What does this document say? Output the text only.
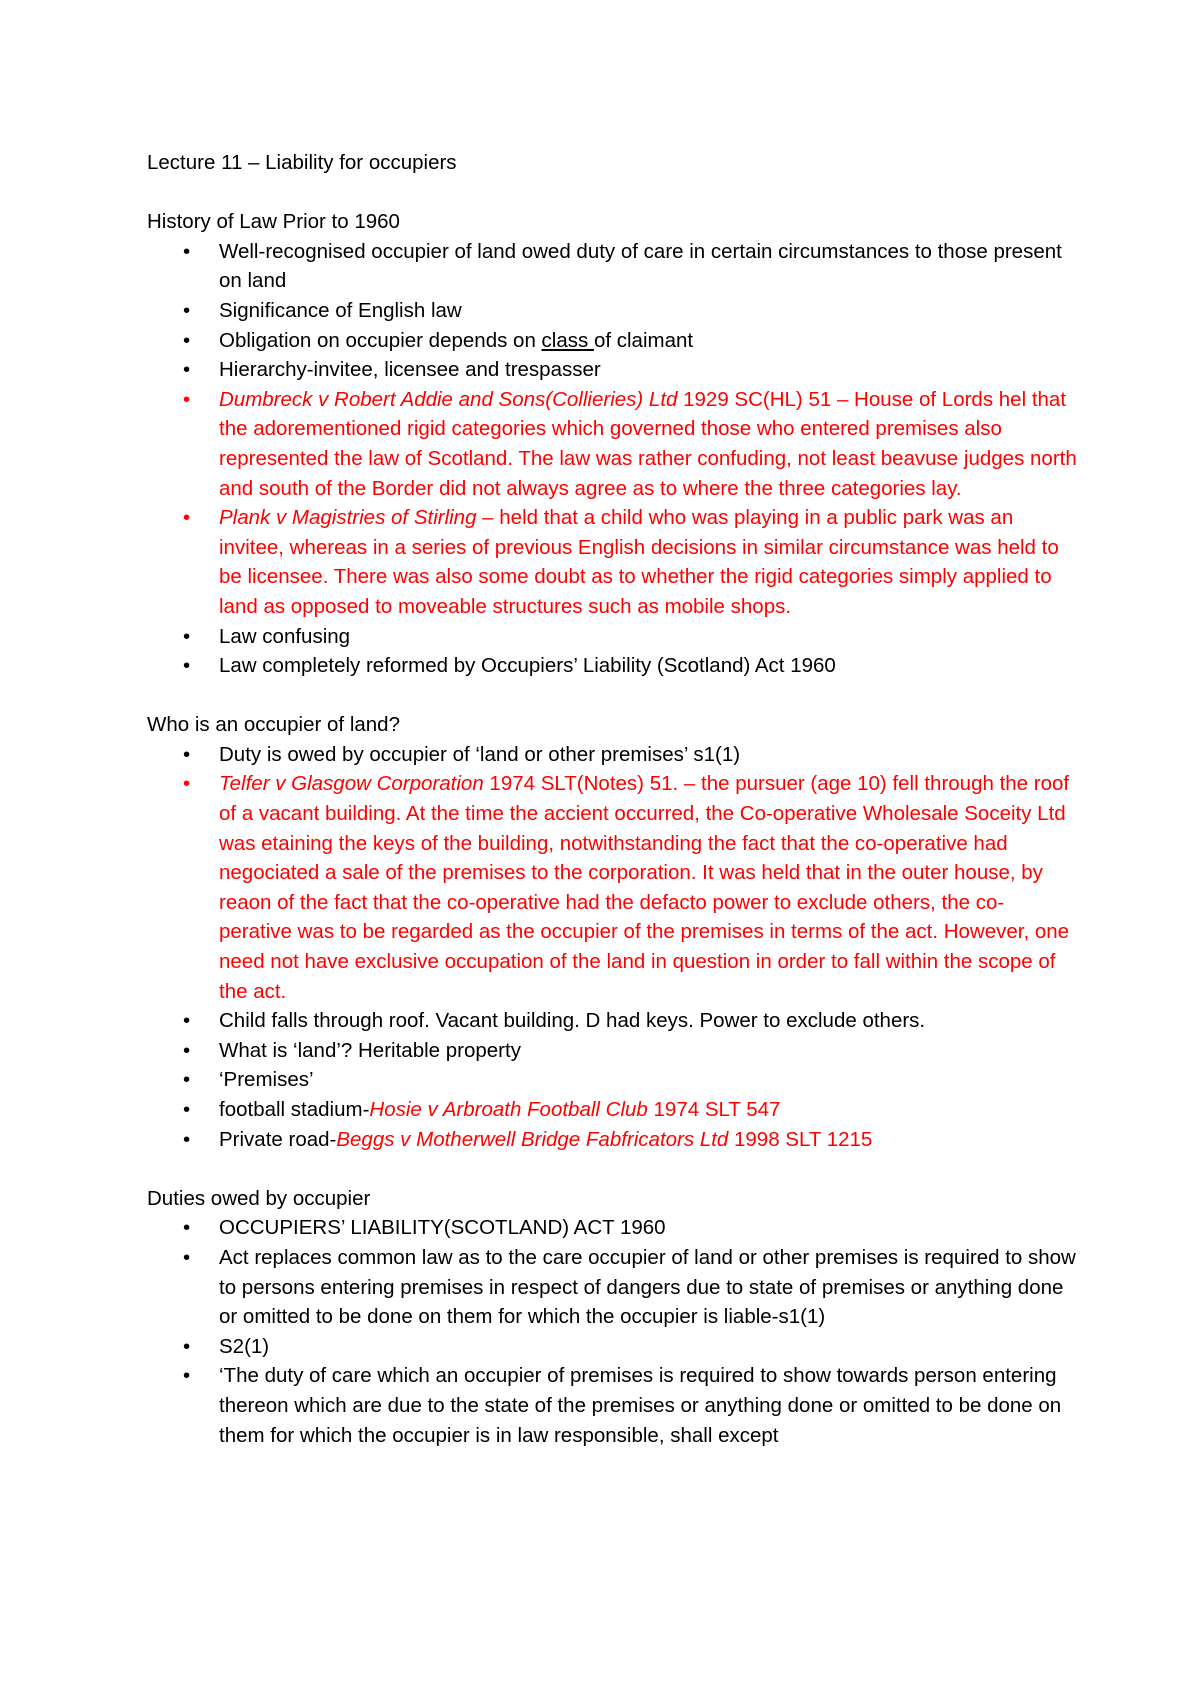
Lecture 11 – Liability for occupiers
History of Law Prior to 1960
• Well-recognised occupier of land owed duty of care in certain circumstances to those present on land
• Significance of English law
• Obligation on occupier depends on class of claimant
• Hierarchy-invitee, licensee and trespasser
• Dumbreck v Robert Addie and Sons(Collieries) Ltd 1929 SC(HL) 51 – House of Lords hel that the adorementioned rigid categories which governed those who entered premises also represented the law of Scotland. The law was rather confuding, not least beavuse judges north and south of the Border did not always agree as to where the three categories lay.
• Plank v Magistries of Stirling – held that a child who was playing in a public park was an invitee, whereas in a series of previous English decisions in similar circumstance was held to be licensee. There was also some doubt as to whether the rigid categories simply applied to land as opposed to moveable structures such as mobile shops.
• Law confusing
• Law completely reformed by Occupiers’ Liability (Scotland) Act 1960
Who is an occupier of land?
• Duty is owed by occupier of ‘land or other premises’ s1(1)
• Telfer v Glasgow Corporation 1974 SLT(Notes) 51. – the pursuer (age 10) fell through the roof of a vacant building. At the time the accient occurred, the Co-operative Wholesale Soceity Ltd was etaining the keys of the building, notwithstanding the fact that the co-operative had negociated a sale of the premises to the corporation. It was held that in the outer house, by reaon of the fact that the co-operative had the defacto power to exclude others, the co-perative was to be regarded as the occupier of the premises in terms of the act. However, one need not have exclusive occupation of the land in question in order to fall within the scope of the act.
• Child falls through roof. Vacant building. D had keys. Power to exclude others.
• What is ‘land’? Heritable property
• ‘Premises’
• football stadium-Hosie v Arbroath Football Club 1974 SLT 547
• Private road-Beggs v Motherwell Bridge Fabfricators Ltd 1998 SLT 1215
Duties owed by occupier
• OCCUPIERS’ LIABILITY(SCOTLAND) ACT 1960
• Act replaces common law as to the care occupier of land or other premises is required to show to persons entering premises in respect of dangers due to state of premises or anything done or omitted to be done on them for which the occupier is liable-s1(1)
• S2(1)
• ‘The duty of care which an occupier of premises is required to show towards person entering thereon which are due to the state of the premises or anything done or omitted to be done on them for which the occupier is in law responsible, shall except
